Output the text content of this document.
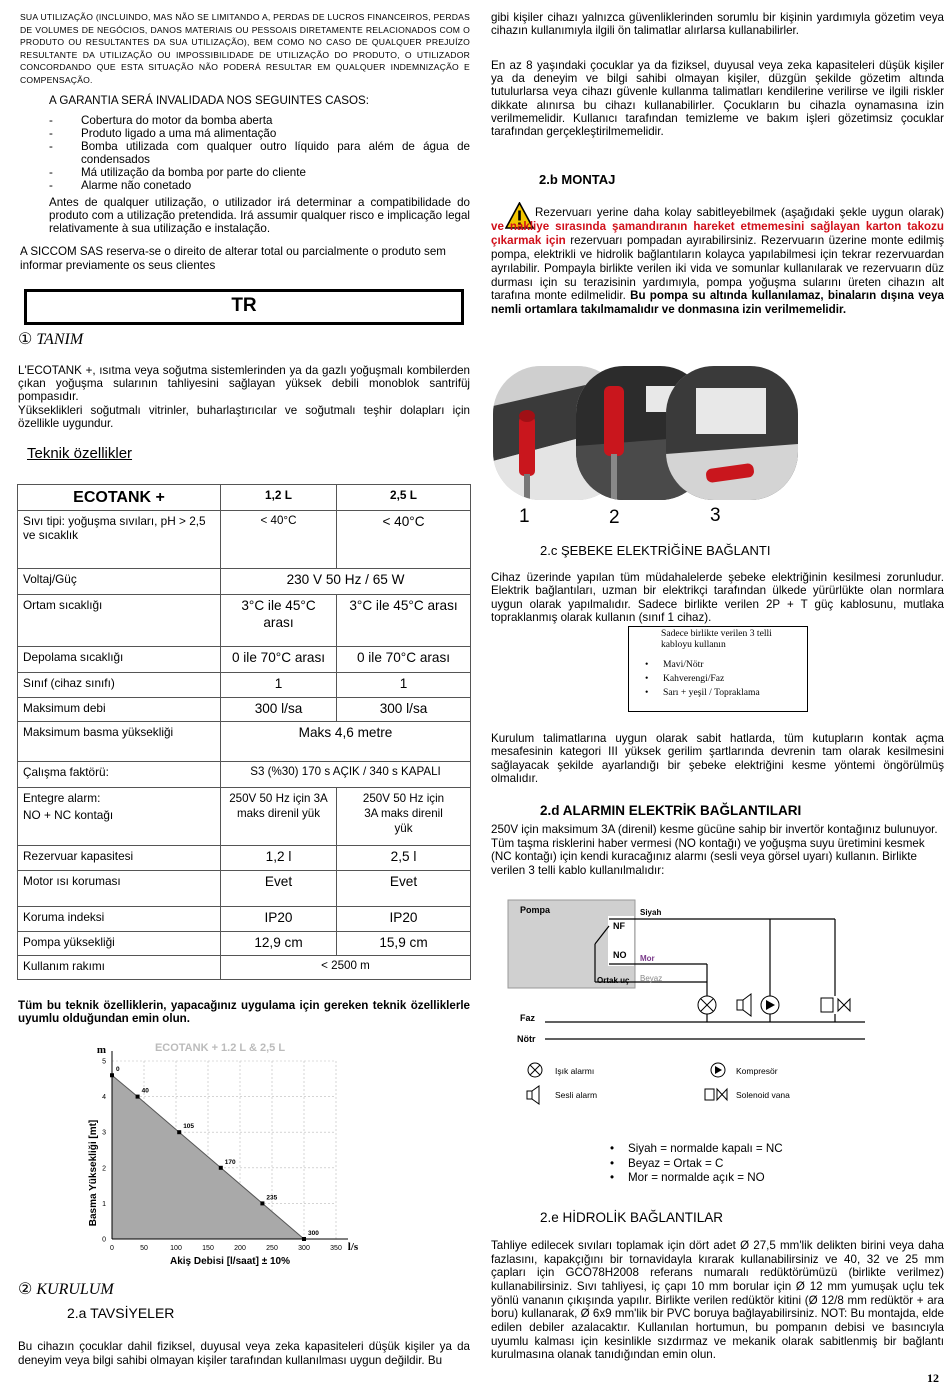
SUA UTILIZAÇÃO (INCLUINDO, MAS NÃO SE LIMITANDO A, PERDAS DE LUCROS FINANCEIROS, PERDAS DE VOLUMES DE NEGÓCIOS, DANOS MATERIAIS OU PESSOAIS DIRETAMENTE RELACIONADOS COM O PRODUTO OU RESULTANTES DA SUA UTILIZAÇÃO), BEM COMO NO CASO DE QUALQUER PREJUÍZO RESULTANTE DA UTILIZAÇÃO OU IMPOSSIBILIDADE DE UTILIZAÇÃO DO PRODUTO, O UTILIZADOR CONCORDANDO QUE ESTA SITUAÇÃO NÃO PODERÁ RESULTAR EM QUALQUER INDEMNIZAÇÃO E COMPENSAÇÃO.
A GARANTIA SERÁ INVALIDADA NOS SEGUINTES CASOS:
- Cobertura do motor da bomba aberta
- Produto ligado a uma má alimentação
- Bomba utilizada com qualquer outro líquido para além de água de condensados
- Má utilização da bomba por parte do cliente
- Alarme não conetado
Antes de qualquer utilização, o utilizador irá determinar a compatibilidade do produto com a utilização pretendida. Irá assumir qualquer risco e implicação legal relativamente à sua utilização e instalação.
A SICCOM SAS reserva-se o direito de alterar total ou parcialmente o produto sem informar previamente os seus clientes
TR
① TANIM
L'ECOTANK +, ısıtma veya soğutma sistemlerinden ya da gazlı yoğuşmalı kombilerden çıkan yoğuşma sularının tahliyesini sağlayan yüksek debili monoblok santrifüj pompasıdır.
Yükseklikleri soğutmalı vitrinler, buharlaştırıcılar ve soğutmalı teşhir dolapları için özellikle uygundur.
Teknik özellikler
ECOTANK +	1,2 L	2,5 L
Sıvı tipi: yoğuşma sıvıları, pH > 2,5 ve sıcaklık	< 40°C	< 40°C
Voltaj/Güç	230 V 50 Hz / 65 W	
Ortam sıcaklığı	3°C ile 45°C arası	3°C ile 45°C arası
Depolama sıcaklığı	0 ile 70°C arası	0 ile 70°C arası
Sınıf (cihaz sınıfı)	1	1
Maksimum debi	300 l/sa	300 l/sa
Maksimum basma yüksekliği	Maks 4,6 metre	
Çalışma faktörü:	S3 (%30) 170 s AÇIK / 340 s KAPALI	

Entegre alarm:
NO + NC kontağı	250V 50 Hz için 3A maks direnil yük	250V 50 Hz için 3A maks direnil yük
Rezervuar kapasitesi	1,2 l	2,5 l
Motor ısı koruması	Evet	Evet
Koruma indeksi	IP20	IP20
Pompa yüksekliği	12,9 cm	15,9 cm
Kullanım rakımı	< 2500 m	
Tüm bu teknik özelliklerin, yapacağınız uygulama için gereken teknik özelliklerle uyumlu olduğundan emin olun.
ECOTANK + 1.2 L & 2,5 L
m
l/s
Basma Yüksekliği [mt]
Akiş Debisi [l/saat] ± 10%
0	50	100	150	200	250	300	350
0
1
2
3
4
5
0
40
105
170
235
300
② KURULUM
2.a TAVSİYELER
Bu cihazın çocuklar dahil fiziksel, duyusal veya zeka kapasiteleri düşük kişiler ya da deneyim veya bilgi sahibi olmayan kişiler tarafından kullanılması uygun değildir. Bu
gibi kişiler cihazı yalnızca güvenliklerinden sorumlu bir kişinin yardımıyla gözetim veya cihazın kullanımıyla ilgili ön talimatlar alırlarsa kullanabilirler.
En az 8 yaşındaki çocuklar ya da fiziksel, duyusal veya zeka kapasiteleri düşük kişiler ya da deneyim ve bilgi sahibi olmayan kişiler, düzgün şekilde gözetim altında tutulurlarsa veya cihazı güvenle kullanma talimatları kendilerine verilirse ve ilgili riskler dikkate alınırsa bu cihazı kullanabilirler. Çocukların bu cihazla oynamasına izin verilmemelidir. Kullanıcı tarafından temizleme ve bakım işleri gözetimsiz çocuklar tarafından gerçekleştirilmemelidir.
2.b MONTAJ
Rezervuarı yerine daha kolay sabitleyebilmek (aşağıdaki şekle uygun olarak) ve nakliye sırasında şamandıranın hareket etmemesini sağlayan karton takozu çıkarmak için rezervuarı pompadan ayırabilirsiniz. Rezervuarın üzerine monte edilmiş pompa, elektrikli ve hidrolik bağlantıların kolayca yapılabilmesi için tekrar rezervuardan ayrılabilir. Pompayla birlikte verilen iki vida ve somunlar kullanılarak ve rezervuarın düz durması için su terazisinin yardımıyla, pompa yoğuşma sularını üreten cihazın alt tarafına monte edilmelidir. Bu pompa su altında kullanılamaz, binaların dışına veya nemli ortamlara takılmamalıdır ve donmasına izin verilmemelidir.
1	2	3
2.c ŞEBEKE ELEKTRİĞİNE BAĞLANTI
Cihaz üzerinde yapılan tüm müdahalelerde şebeke elektriğinin kesilmesi zorunludur. Elektrik bağlantıları, uzman bir elektrikçi tarafından ülkede yürürlükte olan normlara uygun olarak yapılmalıdır. Sadece birlikte verilen 2P + T güç kablosunu, mutlaka topraklanmış olarak kullanın (sınıf 1 cihaz).
Sadece birlikte verilen 3 telli kabloyu kullanın
• Mavi/Nötr
• Kahverengi/Faz
• Sarı + yeşil / Topraklama
Kurulum talimatlarına uygun olarak sabit hatlarda, tüm kutupların kontak açma mesafesinin kategori III yüksek gerilim şartlarında devrenin tam olarak kesilmesini sağlayacak şekilde ayarlandığı bir şebeke elektriğini kesme yöntemi öngörülmüş olmalıdır.
2.d ALARMIN ELEKTRİK BAĞLANTILARI
250V için maksimum 3A (direnil) kesme gücüne sahip bir invertör kontağınız bulunuyor. Tüm taşma risklerini haber vermesi (NO kontağı) ve yoğuşma suyu üretimini kesmek (NC kontağı) için kendi kuracağınız alarmı (sesli veya görsel uyarı) kullanın. Birlikte verilen 3 telli kablo kullanılmalıdır:
Pompa
NF
NO
Ortak uç
Siyah
Mor
Beyaz
Faz
Nötr
Işık alarmı
Sesli alarm
Kompresör
Solenoid vana
• Siyah = normalde kapalı = NC
• Beyaz = Ortak = C
• Mor = normalde açık = NO
2.e HİDROLİK BAĞLANTILAR
Tahliye edilecek sıvıları toplamak için dört adet Ø 27,5 mm'lik delikten birini veya daha fazlasını, kapakçığını bir tornavidayla kırarak kullanabilirsiniz ve 40, 32 ve 25 mm çapları için GCO78H2008 referans numaralı redüktörümüzü (birlikte verilmez) kullanabilirsiniz. Sıvı tahliyesi, iç çapı 10 mm borular için Ø 12 mm yumuşak uçlu tek yönlü vananın çıkışında yapılır. Birlikte verilen redüktör kitini (Ø 12/8 mm redüktör + ara boru) kullanarak, Ø 6x9 mm'lik bir PVC boruya bağlayabilirsiniz. NOT: Bu montajda, elde edilen debiler azalacaktır. Kullanılan hortumun, bu pompanın debisi ve basıncıyla uyumlu kalması için kesinlikle sızdırmaz ve mekanik olarak sabitlenmiş bir bağlantı kurulmasına olanak tanıdığından emin olun.
12
